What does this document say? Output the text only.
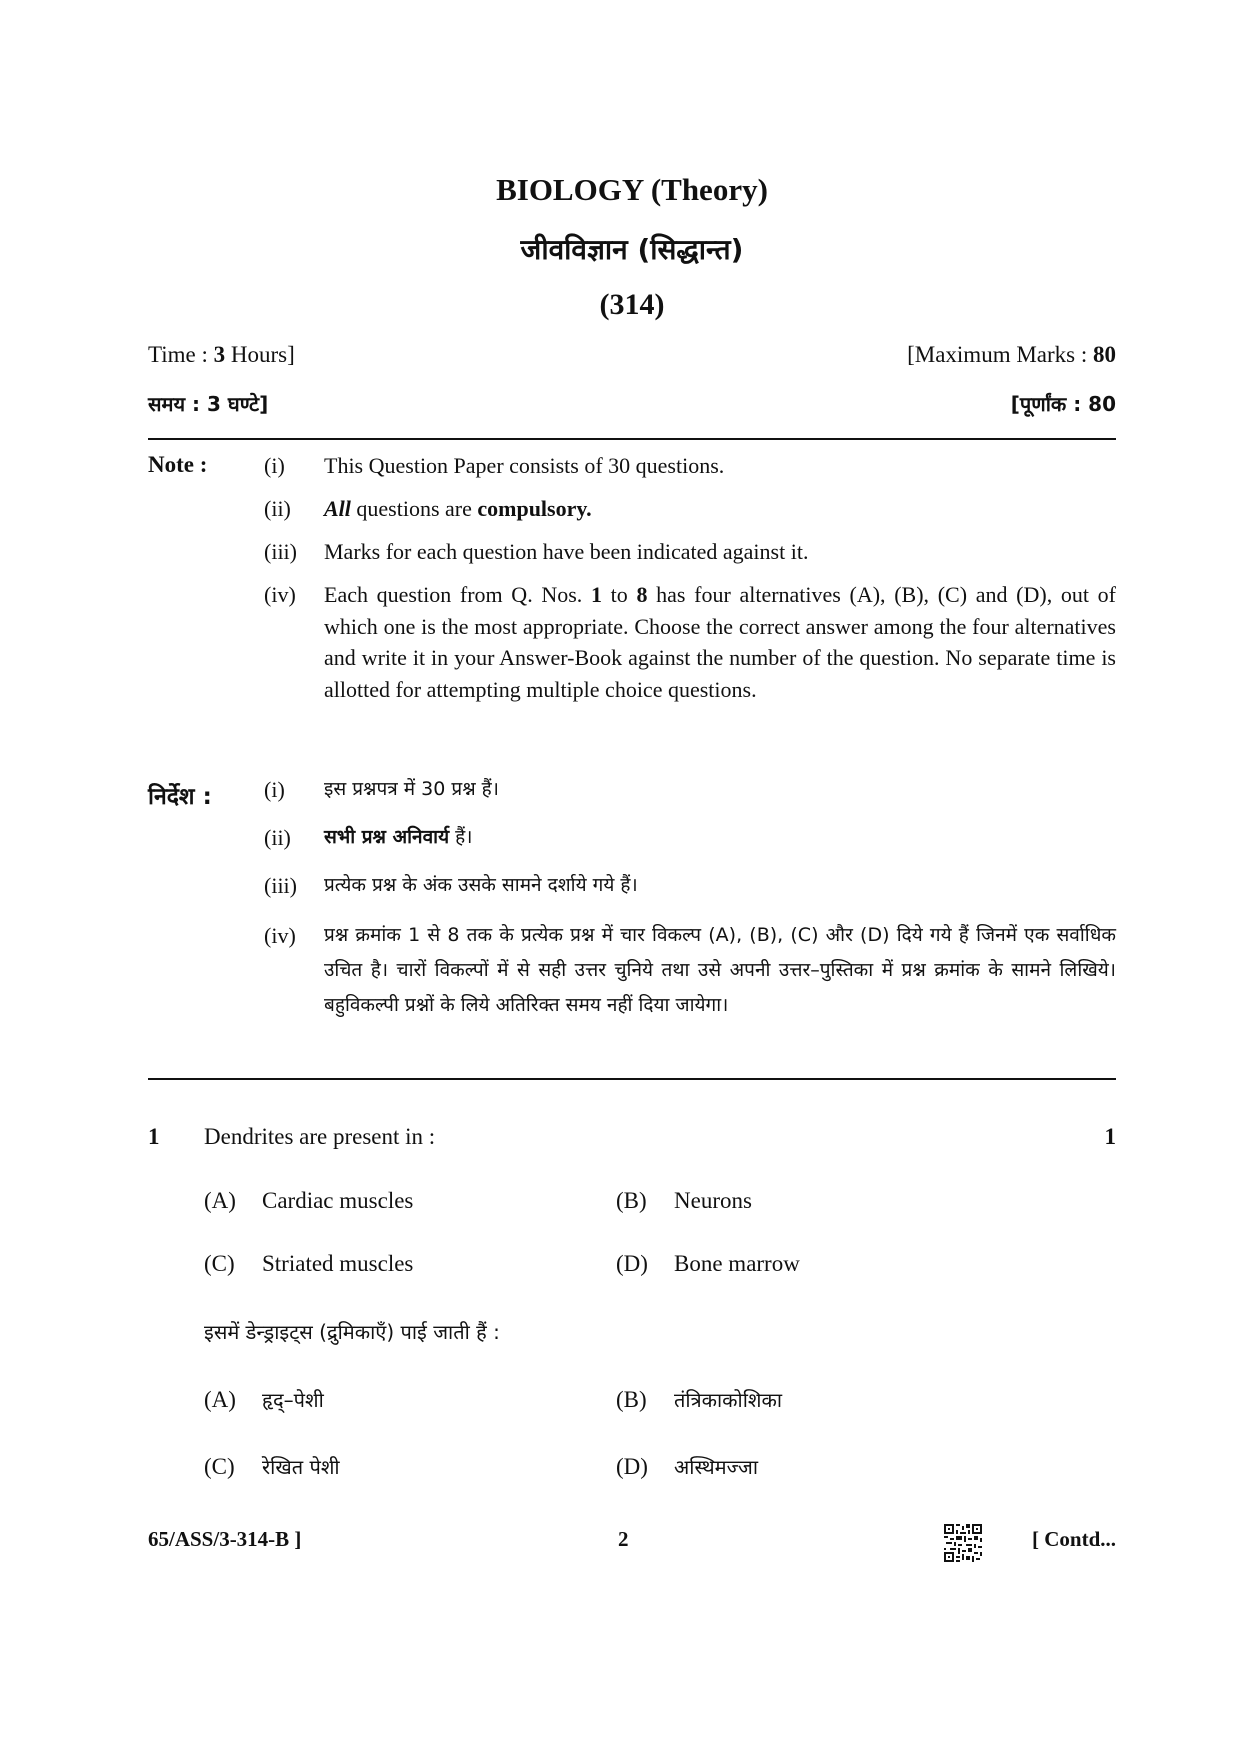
BIOLOGY (Theory)
जीवविज्ञान (सिद्धान्त)
(314)
Time : 3 Hours]	[Maximum Marks : 80
समय : 3 घण्टे]	[पूर्णांक : 80
Note :	(i)	This Question Paper consists of 30 questions.
(ii)	All questions are compulsory.
(iii)	Marks for each question have been indicated against it.
(iv)	Each question from Q. Nos. 1 to 8 has four alternatives (A), (B), (C) and (D), out of which one is the most appropriate. Choose the correct answer among the four alternatives and write it in your Answer-Book against the number of the question. No separate time is allotted for attempting multiple choice questions.
निर्देश : (i)	इस प्रश्नपत्र में 30 प्रश्न हैं।
(ii)	सभी प्रश्न अनिवार्य हैं।
(iii)	प्रत्येक प्रश्न के अंक उसके सामने दर्शाये गये हैं।
(iv)	प्रश्न क्रमांक 1 से 8 तक के प्रत्येक प्रश्न में चार विकल्प (A), (B), (C) और (D) दिये गये हैं जिनमें एक सर्वाधिक उचित है। चारों विकल्पों में से सही उत्तर चुनिये तथा उसे अपनी उत्तर–पुस्तिका में प्रश्न क्रमांक के सामने लिखिये। बहुविकल्पी प्रश्नों के लिये अतिरिक्त समय नहीं दिया जायेगा।
1 Dendrites are present in :	1
(A) Cardiac muscles	(B) Neurons
(C) Striated muscles	(D) Bone marrow
इसमें डेन्ड्राइट्स (द्रुमिकाएँ) पाई जाती हैं :
(A) हृद्–पेशी	(B) तंत्रिकाकोशिका
(C) रेखित पेशी	(D) अस्थिमज्जा
65/ASS/3-314-B ]	2	[ Contd...
